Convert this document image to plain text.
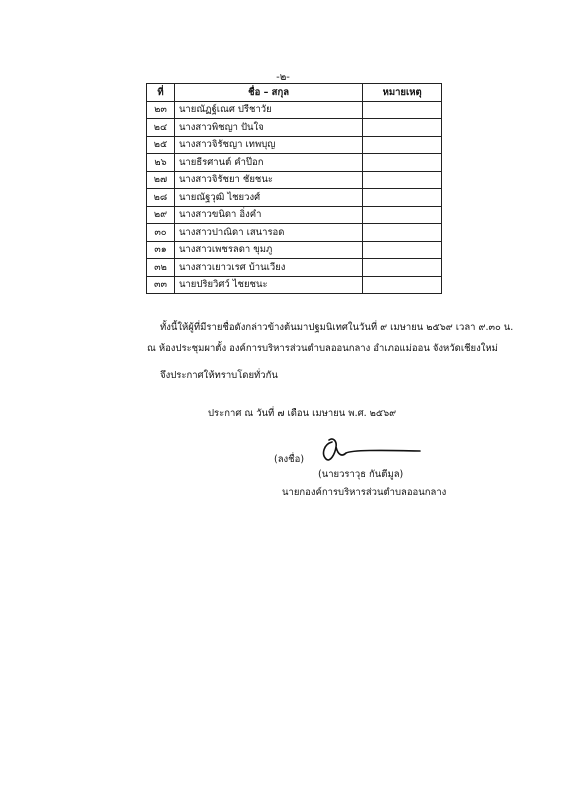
-๒-
ที่	ชื่อ – สกุล	หมายเหตุ
๒๓	นายณัฏฐ์เณศ ปรีชาวัย	
๒๔	นางสาวพิชญา ปันใจ	
๒๕	นางสาวจิรัชญา เทพบุญ	
๒๖	นายธีรศานต์ คำป๊อก	
๒๗	นางสาวจิรัชยา ชัยชนะ	
๒๘	นายณัฐวุฒิ ไชยวงศ์	
๒๙	นางสาวขนิดา อิ่งคำ	
๓๐	นางสาวปาณิดา เสนารอด	
๓๑	นางสาวเพชรลดา ขุมภู	
๓๒	นางสาวเยาวเรศ บ้านเวียง	
๓๓	นายปริยวิศว์ ไชยชนะ	
ทั้งนี้ให้ผู้ที่มีรายชื่อดังกล่าวข้างต้นมาปฐมนิเทศในวันที่ ๙ เมษายน ๒๕๖๙ เวลา ๙.๓๐ น.
ณ ห้องประชุมผาตั้ง องค์การบริหารส่วนตำบลออนกลาง อำเภอแม่ออน จังหวัดเชียงใหม่
จึงประกาศให้ทราบโดยทั่วกัน
ประกาศ ณ วันที่ ๗ เดือน เมษายน พ.ศ. ๒๕๖๙
(ลงชื่อ)
(นายวราวุธ กันตีมูล)
นายกองค์การบริหารส่วนตำบลออนกลาง
